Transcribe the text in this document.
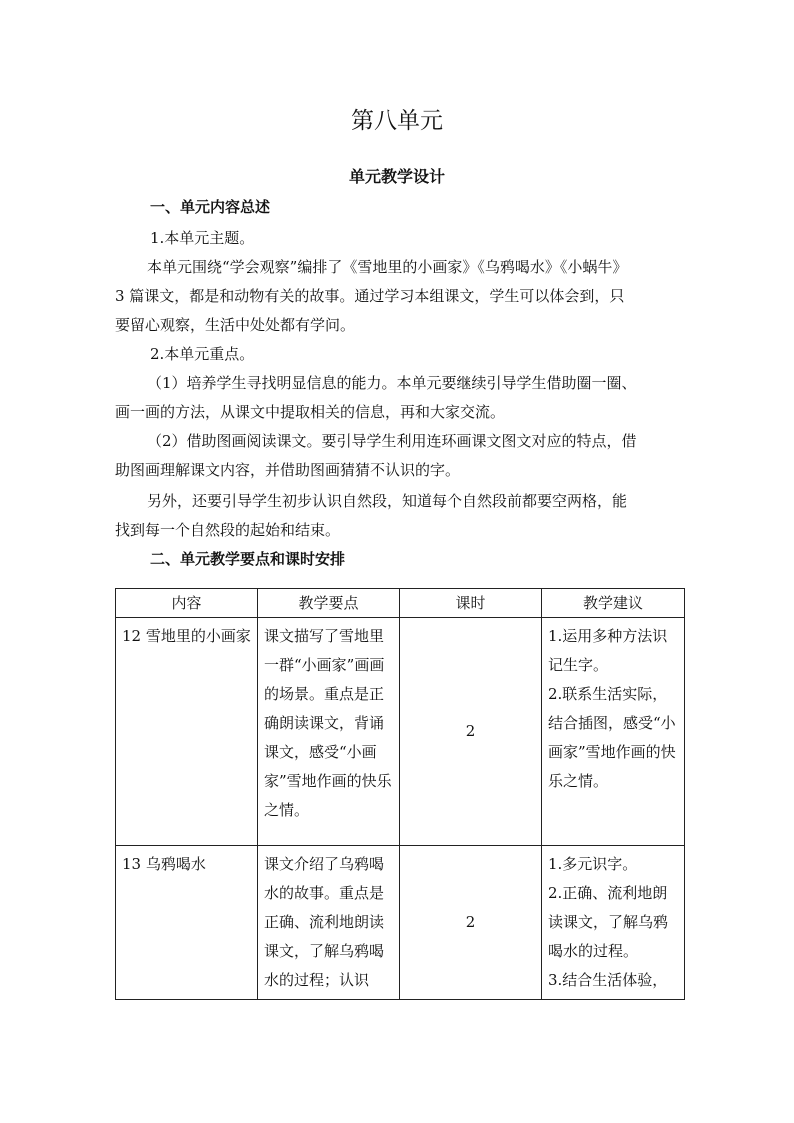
第八单元
单元教学设计
一、单元内容总述
1.本单元主题。
本单元围绕“学会观察”编排了《雪地里的小画家》《乌鸦喝水》《小蜗牛》
3 篇课文，都是和动物有关的故事。通过学习本组课文，学生可以体会到，只
要留心观察，生活中处处都有学问。
2.本单元重点。
（1）培养学生寻找明显信息的能力。本单元要继续引导学生借助圈一圈、
画一画的方法，从课文中提取相关的信息，再和大家交流。
（2）借助图画阅读课文。要引导学生利用连环画课文图文对应的特点，借
助图画理解课文内容，并借助图画猜猜不认识的字。
另外，还要引导学生初步认识自然段，知道每个自然段前都要空两格，能
找到每一个自然段的起始和结束。
二、单元教学要点和课时安排
内容	教学要点	课时	教学建议
12 雪地里的小画家	课文描写了雪地里一群“小画家”画画的场景。重点是正确朗读课文，背诵课文，感受“小画家”雪地作画的快乐之情。	2	1.运用多种方法识记生字。
2.联系生活实际，结合插图，感受“小画家”雪地作画的快乐之情。

13 乌鸦喝水	课文介绍了乌鸦喝水的故事。重点是正确、流利地朗读课文，了解乌鸦喝水的过程；认识	2	1.多元识字。
2.正确、流利地朗读课文，了解乌鸦喝水的过程。
3.结合生活体验，
